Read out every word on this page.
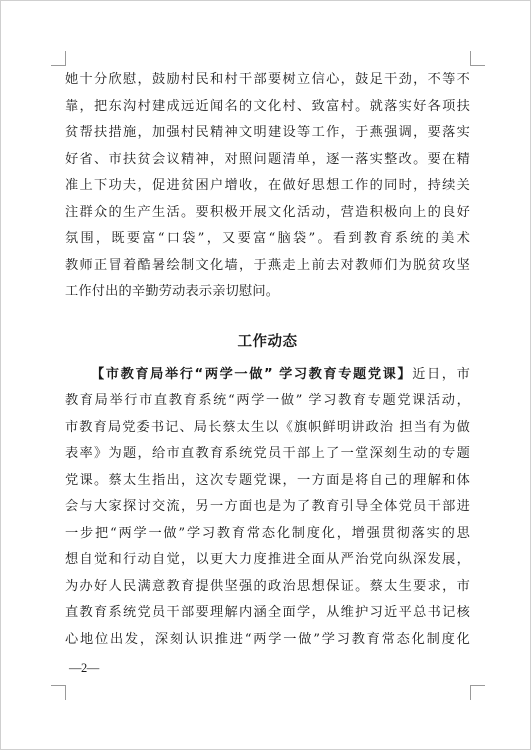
她十分欣慰，鼓励村民和村干部要树立信心，鼓足干劲，不等不
靠，把东沟村建成远近闻名的文化村、致富村。就落实好各项扶
贫帮扶措施，加强村民精神文明建设等工作，于燕强调，要落实
好省、市扶贫会议精神，对照问题清单，逐一落实整改。要在精
准上下功夫，促进贫困户增收，在做好思想工作的同时，持续关
注群众的生产生活。要积极开展文化活动，营造积极向上的良好
氛围，既要富“口袋”，又要富“脑袋”。看到教育系统的美术
教师正冒着酷暑绘制文化墙，于燕走上前去对教师们为脱贫攻坚
工作付出的辛勤劳动表示亲切慰问。
工作动态
【市教育局举行“两学一做” 学习教育专题党课】近日，市
教育局举行市直教育系统“两学一做” 学习教育专题党课活动，
市教育局党委书记、局长蔡太生以《旗帜鲜明讲政治 担当有为做
表率》为题，给市直教育系统党员干部上了一堂深刻生动的专题
党课。蔡太生指出，这次专题党课，一方面是将自己的理解和体
会与大家探讨交流，另一方面也是为了教育引导全体党员干部进
一步把“两学一做”学习教育常态化制度化，增强贯彻落实的思
想自觉和行动自觉，以更大力度推进全面从严治党向纵深发展，
为办好人民满意教育提供坚强的政治思想保证。蔡太生要求，市
直教育系统党员干部要理解内涵全面学，从维护习近平总书记核
心地位出发，深刻认识推进“两学一做”学习教育常态化制度化
—2—
